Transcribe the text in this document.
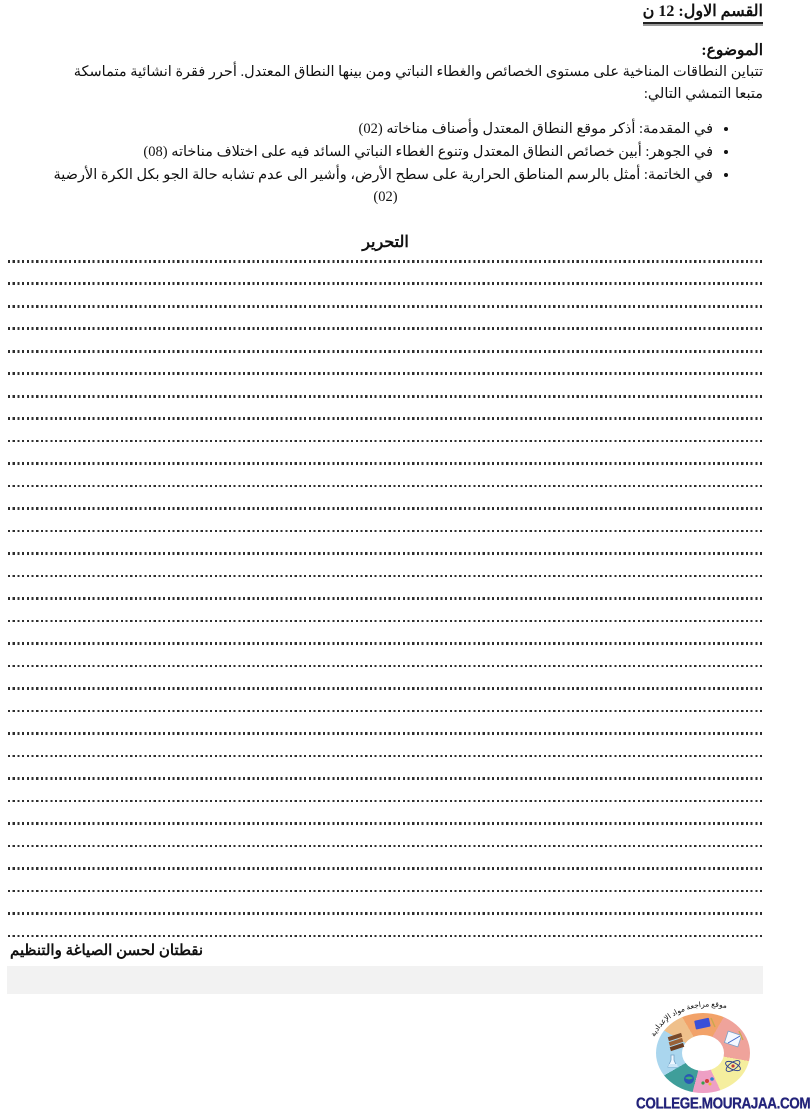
القسم الاول: 12 ن
الموضوع:
تتباين النطاقات المناخية على مستوى الخصائص والغطاء النباتي ومن بينها النطاق المعتدل. أحرر فقرة انشائية متماسكة
متبعا التمشي التالي:
• في المقدمة: أذكر موقع النطاق المعتدل وأصناف مناخاته (02)
• في الجوهر: أبين خصائص النطاق المعتدل وتنوع الغطاء النباتي السائد فيه على اختلاف مناخاته (08)
• في الخاتمة: أمثل بالرسم المناطق الحرارية على سطح الأرض، وأشير الى عدم تشابه حالة الجو بكل الكرة الأرضية
(02)
التحرير
نقطتان لحسن الصياغة والتنظيم
موقع مراجعة مواد الإعدادية
COLLEGE.MOURAJAA.COM
